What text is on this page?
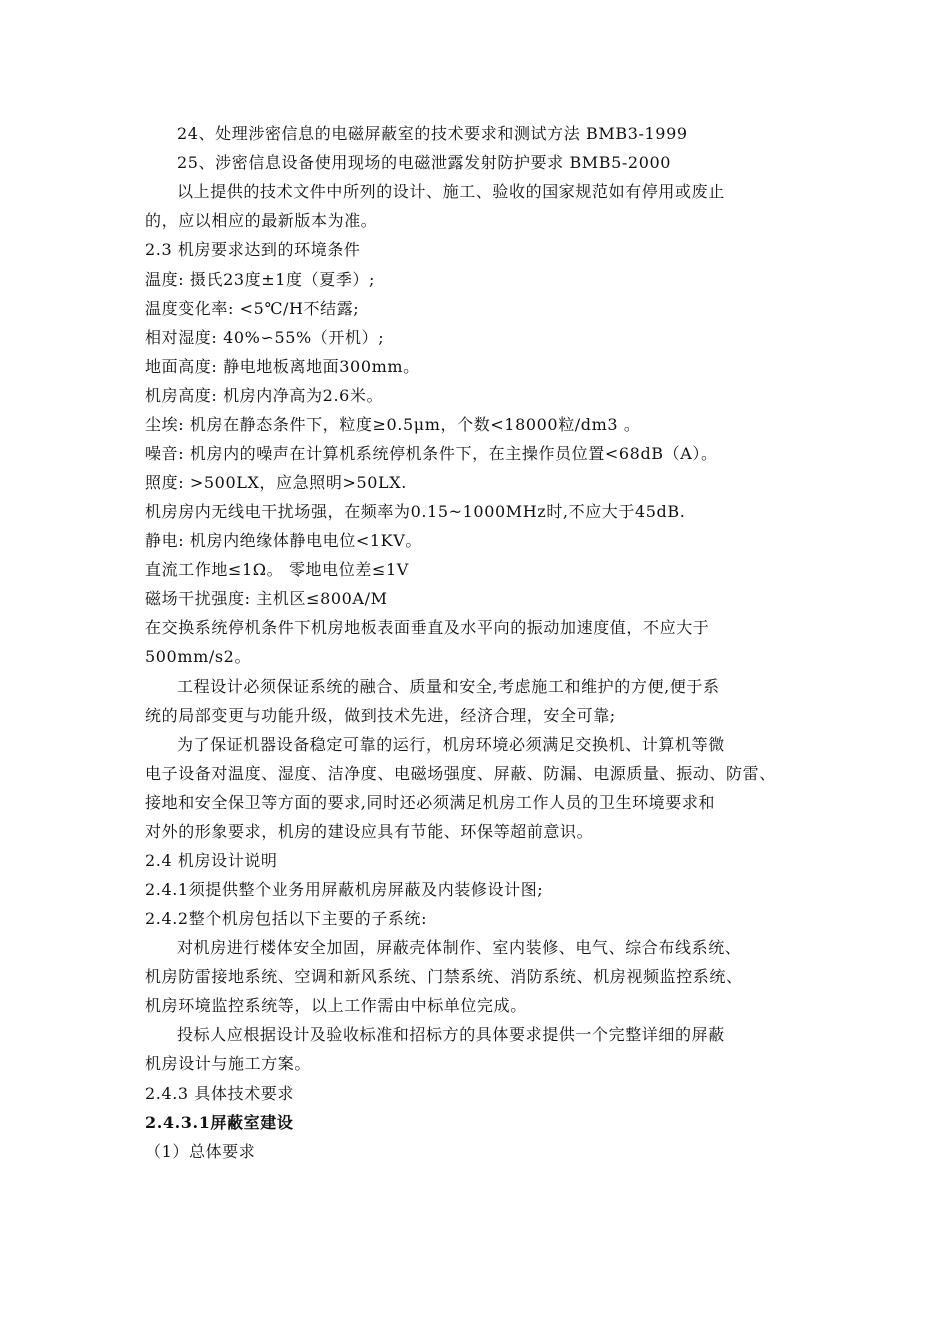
24、处理涉密信息的电磁屏蔽室的技术要求和测试方法 BMB3-1999
25、涉密信息设备使用现场的电磁泄露发射防护要求 BMB5-2000
以上提供的技术文件中所列的设计、施工、验收的国家规范如有停用或废止
的，应以相应的最新版本为准。
2.3 机房要求达到的环境条件
温度: 摄氏23度±1度（夏季）;
温度变化率: <5℃/H不结露;
相对湿度: 40%∽55%（开机）;
地面高度: 静电地板离地面300mm。
机房高度: 机房内净高为2.6米。
尘埃: 机房在静态条件下，粒度≥0.5μm，个数<18000粒/dm3 。
噪音: 机房内的噪声在计算机系统停机条件下，在主操作员位置<68dB（A）。
照度: >500LX，应急照明>50LX.
机房房内无线电干扰场强，在频率为0.15~1000MHz时,不应大于45dB.
静电: 机房内绝缘体静电电位<1KV。
直流工作地≤1Ω。 零地电位差≤1V
磁场干扰强度: 主机区≤800A/M
在交换系统停机条件下机房地板表面垂直及水平向的振动加速度值，不应大于
500mm/s2。
工程设计必须保证系统的融合、质量和安全,考虑施工和维护的方便,便于系
统的局部变更与功能升级，做到技术先进，经济合理，安全可靠;
为了保证机器设备稳定可靠的运行，机房环境必须满足交换机、计算机等微
电子设备对温度、湿度、洁净度、电磁场强度、屏蔽、防漏、电源质量、振动、防雷、
接地和安全保卫等方面的要求,同时还必须满足机房工作人员的卫生环境要求和
对外的形象要求，机房的建设应具有节能、环保等超前意识。
2.4 机房设计说明
2.4.1须提供整个业务用屏蔽机房屏蔽及内装修设计图;
2.4.2整个机房包括以下主要的子系统:
对机房进行楼体安全加固，屏蔽壳体制作、室内装修、电气、综合布线系统、
机房防雷接地系统、空调和新风系统、门禁系统、消防系统、机房视频监控系统、
机房环境监控系统等，以上工作需由中标单位完成。
投标人应根据设计及验收标准和招标方的具体要求提供一个完整详细的屏蔽
机房设计与施工方案。
2.4.3 具体技术要求
2.4.3.1屏蔽室建设
（1）总体要求
